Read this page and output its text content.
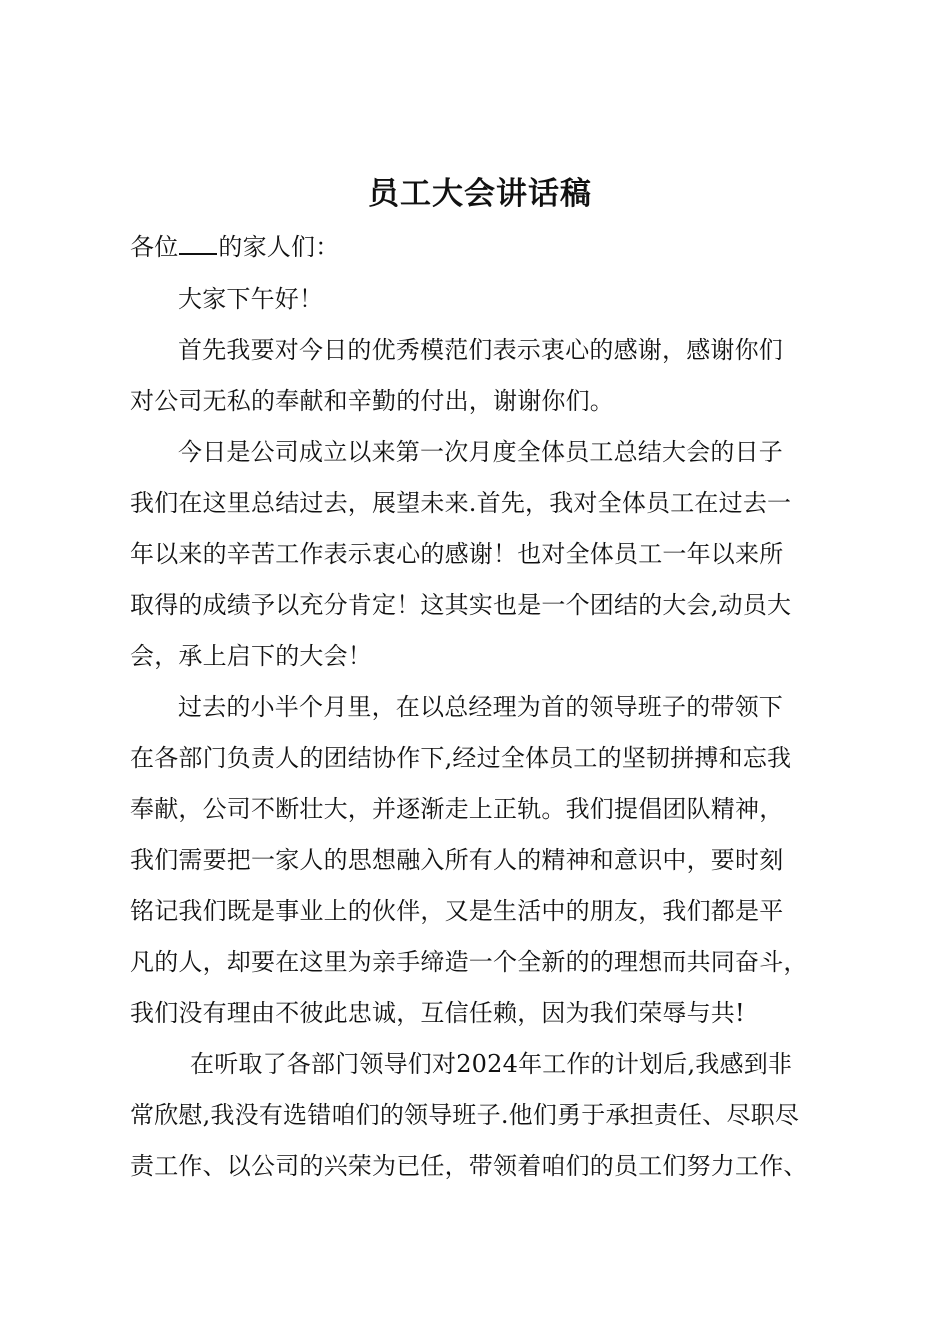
员工大会讲话稿
各位 的家人们：
大家下午好！
首先我要对今日的优秀模范们表示衷心的感谢，感谢你们
对公司无私的奉献和辛勤的付出，谢谢你们。
今日是公司成立以来第一次月度全体员工总结大会的日子
我们在这里总结过去，展望未来.首先，我对全体员工在过去一
年以来的辛苦工作表示衷心的感谢！也对全体员工一年以来所
取得的成绩予以充分肯定！这其实也是一个团结的大会,动员大
会，承上启下的大会！
过去的小半个月里，在以总经理为首的领导班子的带领下
在各部门负责人的团结协作下,经过全体员工的坚韧拼搏和忘我
奉献，公司不断壮大，并逐渐走上正轨。我们提倡团队精神，
我们需要把一家人的思想融入所有人的精神和意识中，要时刻
铭记我们既是事业上的伙伴，又是生活中的朋友，我们都是平
凡的人，却要在这里为亲手缔造一个全新的的理想而共同奋斗，
我们没有理由不彼此忠诚，互信任赖，因为我们荣辱与共!
在听取了各部门领导们对2024年工作的计划后,我感到非
常欣慰,我没有选错咱们的领导班子.他们勇于承担责任、尽职尽
责工作、以公司的兴荣为已任，带领着咱们的员工们努力工作、
